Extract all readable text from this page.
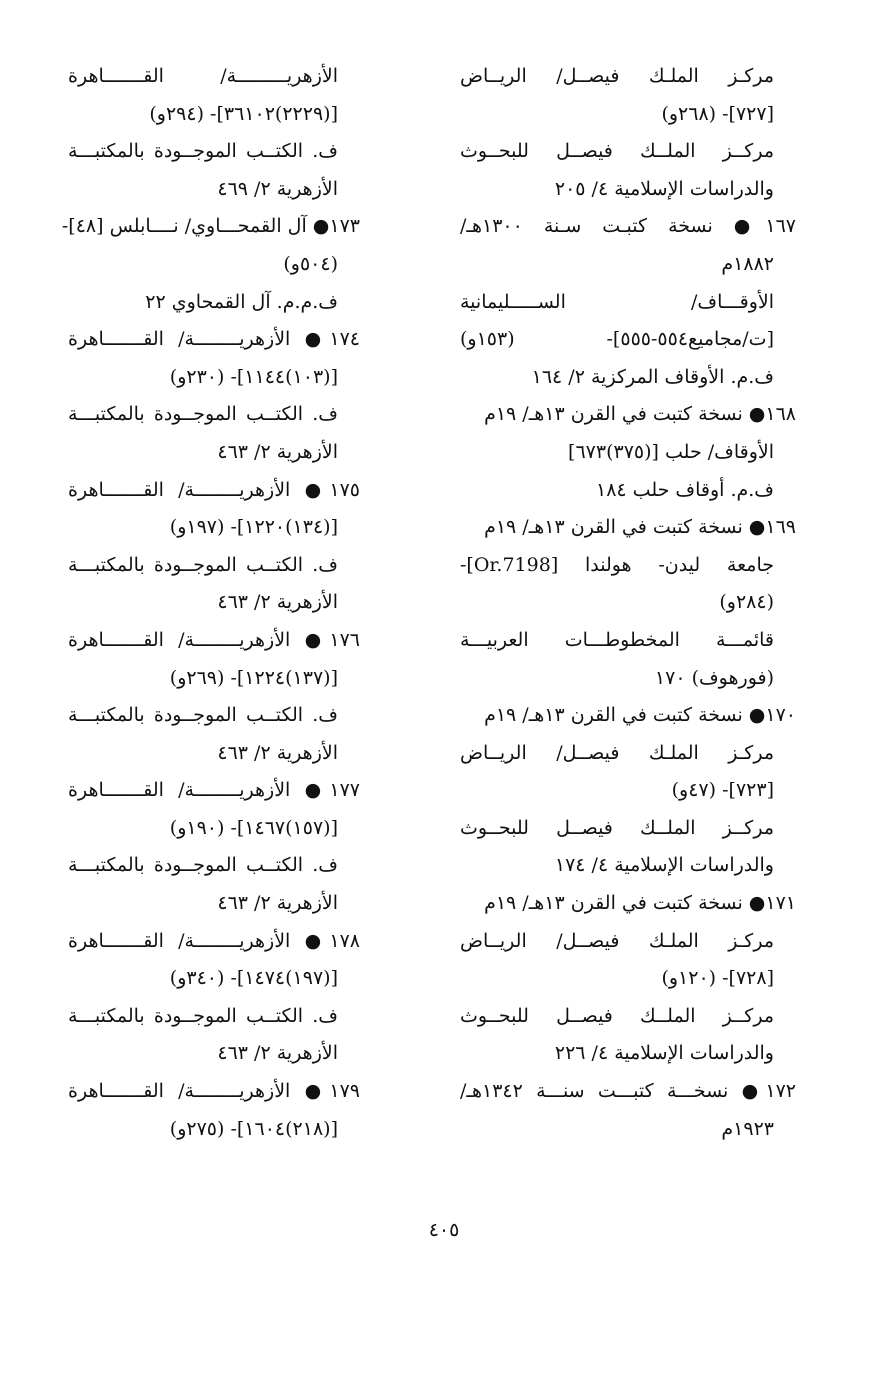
مركـز الملـك فيصــل/ الريــاض
[٧٢٧]- (٢٦٨و)
مركــز الملــك فيصــل للبحــوث
والدراسات الإسلامية ٤/ ٢٠٥
١٦٧● نسخة كتبـت سـنة ١٣٠٠هـ/
١٨٨٢م
الأوقـــاف/ الســـــليمانية
[ت/مجاميع٥٥٤-٥٥٥]- (١٥٣و)
ف.م. الأوقاف المركزية ٢/ ١٦٤
١٦٨● نسخة كتبت في القرن ١٣هـ/ ١٩م
الأوقاف/ حلب [(٣٧٥)٦٧٣]
ف.م. أوقاف حلب ١٨٤
١٦٩● نسخة كتبت في القرن ١٣هـ/ ١٩م
جامعة ليدن- هولندا [Or.7198]-
(٢٨٤و)
قائمـــة المخطوطـــات العربيـــة
(فورهوف) ١٧٠
١٧٠● نسخة كتبت في القرن ١٣هـ/ ١٩م
مركـز الملـك فيصــل/ الريــاض
[٧٢٣]- (٤٧و)
مركــز الملــك فيصــل للبحــوث
والدراسات الإسلامية ٤/ ١٧٤
١٧١● نسخة كتبت في القرن ١٣هـ/ ١٩م
مركـز الملـك فيصــل/ الريــاض
[٧٢٨]- (١٢٠و)
مركــز الملــك فيصــل للبحــوث
والدراسات الإسلامية ٤/ ٢٢٦
١٧٢● نسخـــة كتبـــت سنـــة ١٣٤٢هـ/
١٩٢٣م
الأزهريـــــــــة/ القـــــــاهرة
[(٢٢٢٩)٣٦١٠٢]- (٢٩٤و)
ف. الكتــب الموجــودة بالمكتبـــة
الأزهرية ٢/ ٤٦٩
١٧٣● آل القمحـــاوي/ نــــابلس [٤٨]-
(٥٠٤و)
ف.م.م. آل القمحاوي ٢٢
١٧٤● الأزهريــــــــة/ القـــــــاهرة
[(١٠٣)١١٤٤]- (٢٣٠و)
ف. الكتــب الموجــودة بالمكتبـــة
الأزهرية ٢/ ٤٦٣
١٧٥● الأزهريــــــــة/ القـــــــاهرة
[(١٣٤)١٢٢٠]- (١٩٧و)
ف. الكتــب الموجــودة بالمكتبـــة
الأزهرية ٢/ ٤٦٣
١٧٦● الأزهريــــــــة/ القـــــــاهرة
[(١٣٧)١٢٢٤]- (٢٦٩و)
ف. الكتــب الموجــودة بالمكتبـــة
الأزهرية ٢/ ٤٦٣
١٧٧● الأزهريــــــــة/ القـــــــاهرة
[(١٥٧)١٤٦٧]- (١٩٠و)
ف. الكتــب الموجــودة بالمكتبـــة
الأزهرية ٢/ ٤٦٣
١٧٨● الأزهريــــــــة/ القـــــــاهرة
[(١٩٧)١٤٧٤]- (٣٤٠و)
ف. الكتــب الموجــودة بالمكتبـــة
الأزهرية ٢/ ٤٦٣
١٧٩● الأزهريــــــــة/ القـــــــاهرة
[(٢١٨)١٦٠٤]- (٢٧٥و)
٤٠٥
